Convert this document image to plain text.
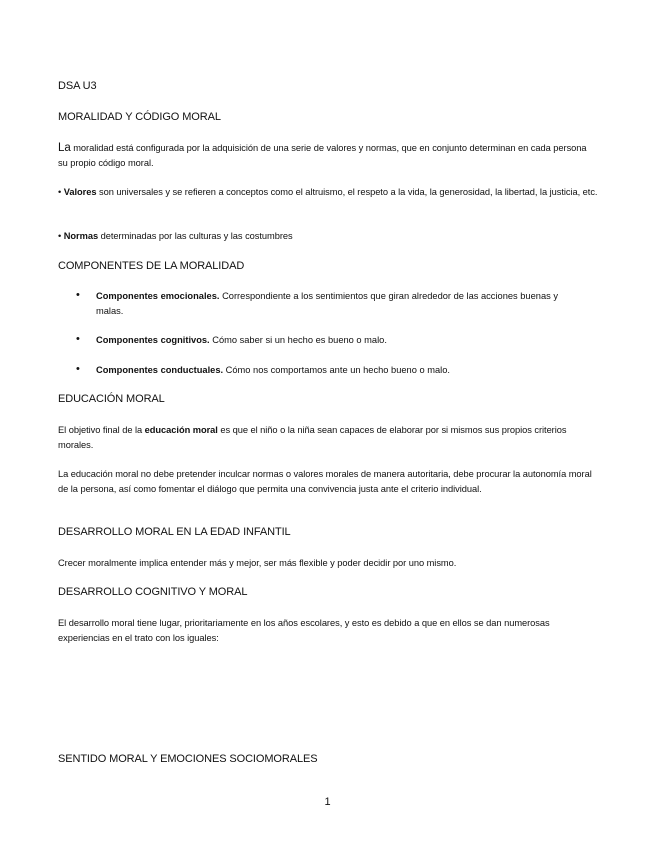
DSA U3
MORALIDAD Y CÓDIGO MORAL
La moralidad está configurada por la adquisición de una serie de valores y normas, que en conjunto determinan en cada persona su propio código moral.
• Valores son universales y se refieren a conceptos como el altruismo, el respeto a la vida, la generosidad, la libertad, la justicia, etc.
• Normas determinadas por las culturas y las costumbres
COMPONENTES DE LA MORALIDAD
• Componentes emocionales. Correspondiente a los sentimientos que giran alrededor de las acciones buenas y malas.
• Componentes cognitivos. Cómo saber si un hecho es bueno o malo.
• Componentes conductuales. Cómo nos comportamos ante un hecho bueno o malo.
EDUCACIÓN MORAL
El objetivo final de la educación moral es que el niño o la niña sean capaces de elaborar por si mismos sus propios criterios morales.
La educación moral no debe pretender inculcar normas o valores morales de manera autoritaria, debe procurar la autonomía moral de la persona, así como fomentar el diálogo que permita una convivencia justa ante el criterio individual.
DESARROLLO MORAL EN LA EDAD INFANTIL
Crecer moralmente implica entender más y mejor, ser más flexible y poder decidir por uno mismo.
DESARROLLO COGNITIVO Y MORAL
El desarrollo moral tiene lugar, prioritariamente en los años escolares, y esto es debido a que en ellos se dan numerosas experiencias en el trato con los iguales:
SENTIDO MORAL Y EMOCIONES SOCIOMORALES
1
